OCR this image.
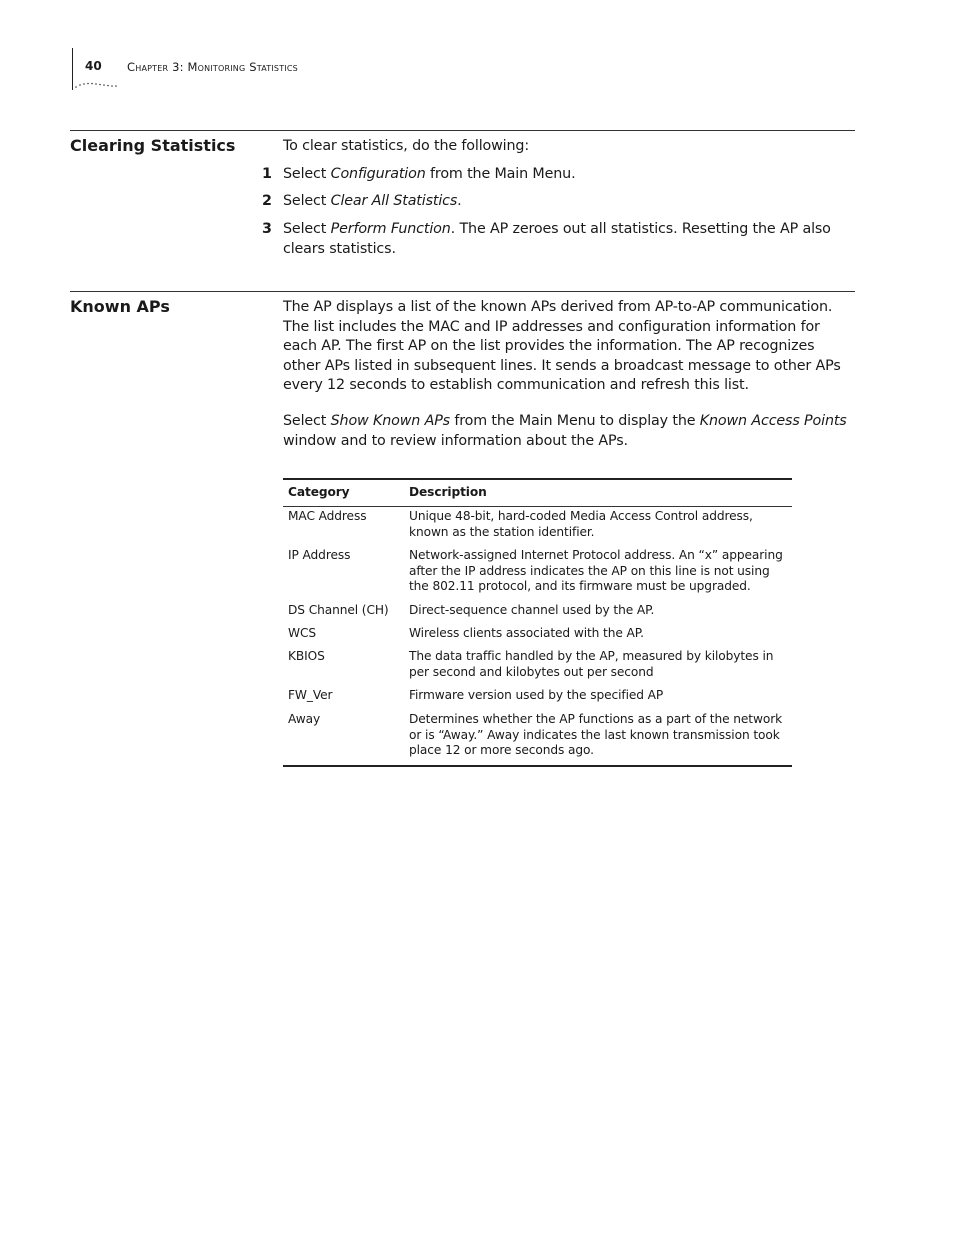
40 Chapter 3: Monitoring Statistics
Clearing Statistics	To clear statistics, do the following:
1 Select Configuration from the Main Menu.
2 Select Clear All Statistics.
3 Select Perform Function. The AP zeroes out all statistics. Resetting the AP also clears statistics.
Known APs	The AP displays a list of the known APs derived from AP-to-AP communication. The list includes the MAC and IP addresses and configuration information for each AP. The first AP on the list provides the information. The AP recognizes other APs listed in subsequent lines. It sends a broadcast message to other APs every 12 seconds to establish communication and refresh this list.
Select Show Known APs from the Main Menu to display the Known Access Points window and to review information about the APs.
Category	Description
MAC Address	Unique 48-bit, hard-coded Media Access Control address, known as the station identifier.
IP Address	Network-assigned Internet Protocol address. An “x” appearing after the IP address indicates the AP on this line is not using the 802.11 protocol, and its firmware must be upgraded.
DS Channel (CH)	Direct-sequence channel used by the AP.
WCS	Wireless clients associated with the AP.
KBIOS	The data traffic handled by the AP, measured by kilobytes in per second and kilobytes out per second
FW_Ver	Firmware version used by the specified AP
Away	Determines whether the AP functions as a part of the network or is “Away.” Away indicates the last known transmission took place 12 or more seconds ago.
